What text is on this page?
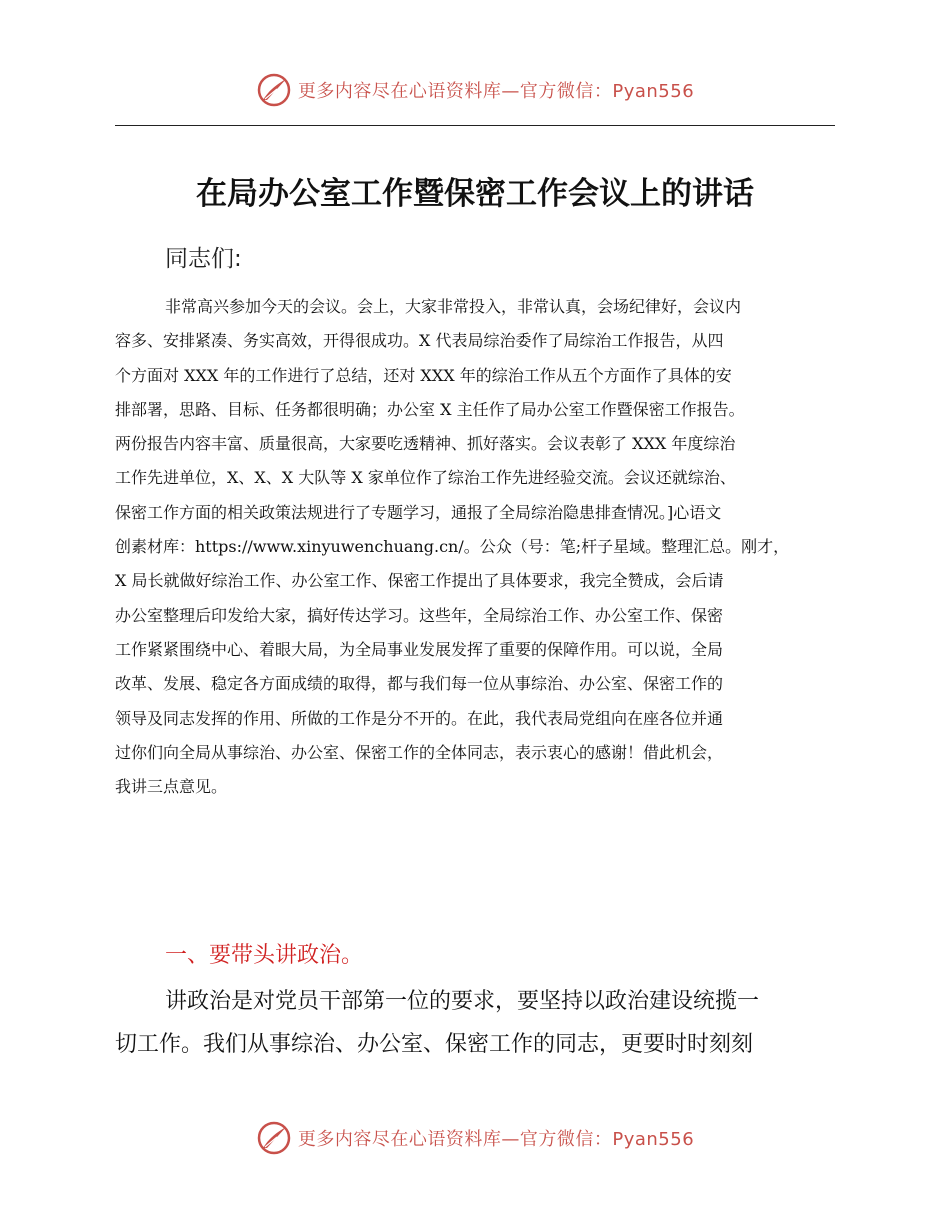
更多内容尽在心语资料库—官方微信：Pyan556
在局办公室工作暨保密工作会议上的讲话
同志们:
非常高兴参加今天的会议。会上，大家非常投入，非常认真，会场纪律好，会议内
容多、安排紧凑、务实高效，开得很成功。X 代表局综治委作了局综治工作报告，从四
个方面对 XXX 年的工作进行了总结，还对 XXX 年的综治工作从五个方面作了具体的安
排部署，思路、目标、任务都很明确；办公室 X 主任作了局办公室工作暨保密工作报告。
两份报告内容丰富、质量很高，大家要吃透精神、抓好落实。会议表彰了 XXX 年度综治
工作先进单位，X、X、X 大队等 X 家单位作了综治工作先进经验交流。会议还就综治、
保密工作方面的相关政策法规进行了专题学习，通报了全局综治隐患排查情况。]心语文
创素材库：https://www.xinyuwenchuang.cn/。公众（号：笔;杆子星域。整理汇总。刚才，
X 局长就做好综治工作、办公室工作、保密工作提出了具体要求，我完全赞成，会后请
办公室整理后印发给大家，搞好传达学习。这些年，全局综治工作、办公室工作、保密
工作紧紧围绕中心、着眼大局，为全局事业发展发挥了重要的保障作用。可以说，全局
改革、发展、稳定各方面成绩的取得，都与我们每一位从事综治、办公室、保密工作的
领导及同志发挥的作用、所做的工作是分不开的。在此，我代表局党组向在座各位并通
过你们向全局从事综治、办公室、保密工作的全体同志，表示衷心的感谢！借此机会，
我讲三点意见。
一、要带头讲政治。
讲政治是对党员干部第一位的要求，要坚持以政治建设统揽一
切工作。我们从事综治、办公室、保密工作的同志，更要时时刻刻
更多内容尽在心语资料库—官方微信：Pyan556
